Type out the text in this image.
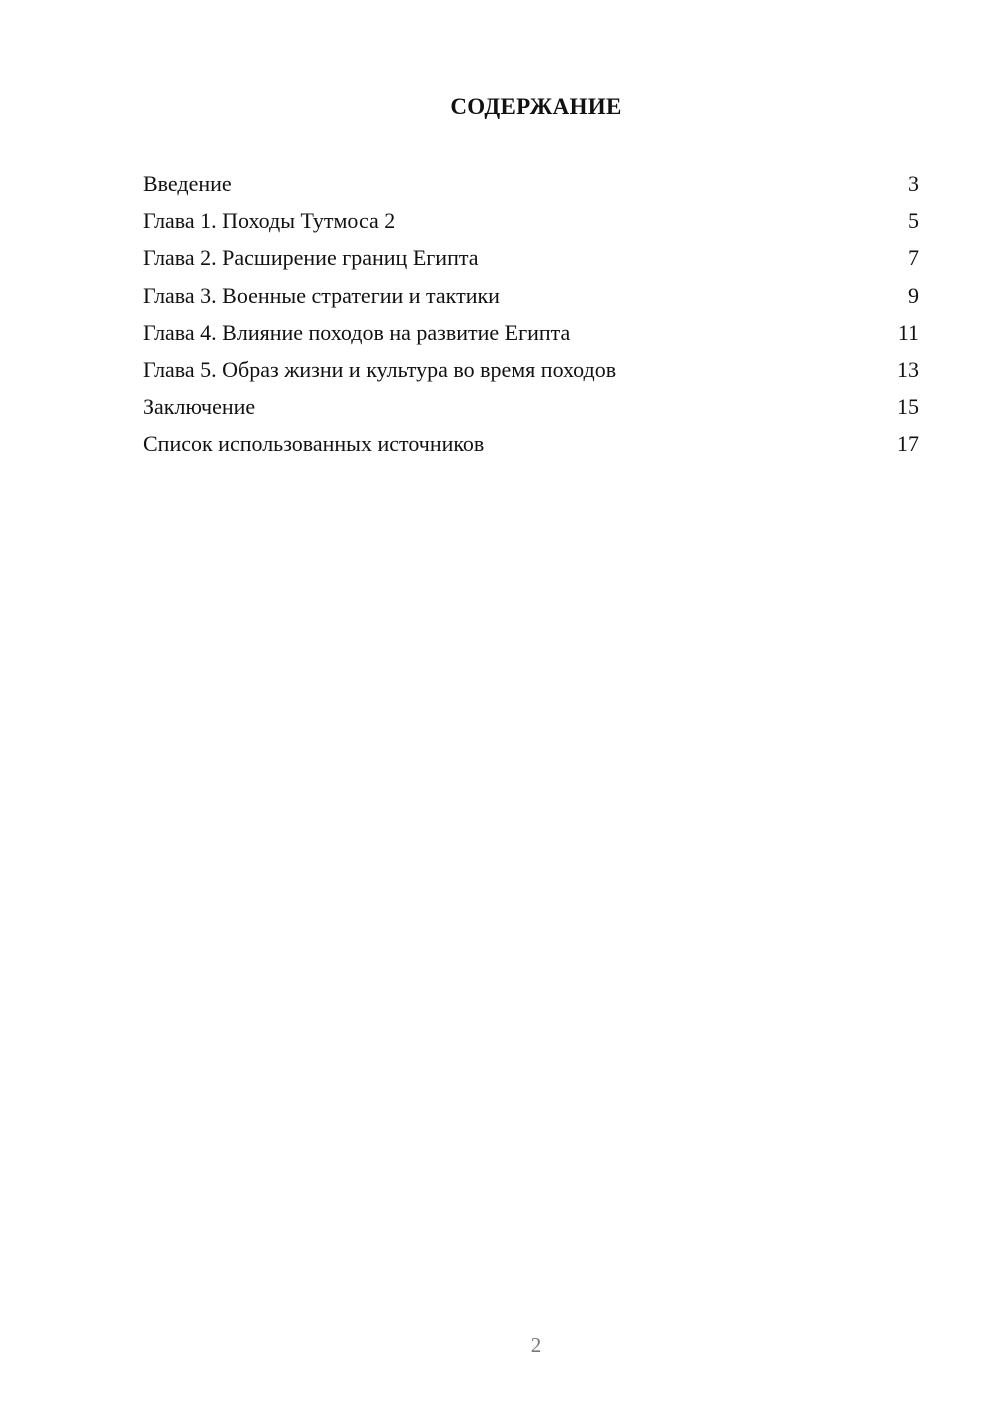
СОДЕРЖАНИЕ
Введение	3
Глава 1. Походы Тутмоса 2	5
Глава 2. Расширение границ Египта	7
Глава 3. Военные стратегии и тактики	9
Глава 4. Влияние походов на развитие Египта	11
Глава 5. Образ жизни и культура во время походов	13
Заключение	15
Список использованных источников	17
2
